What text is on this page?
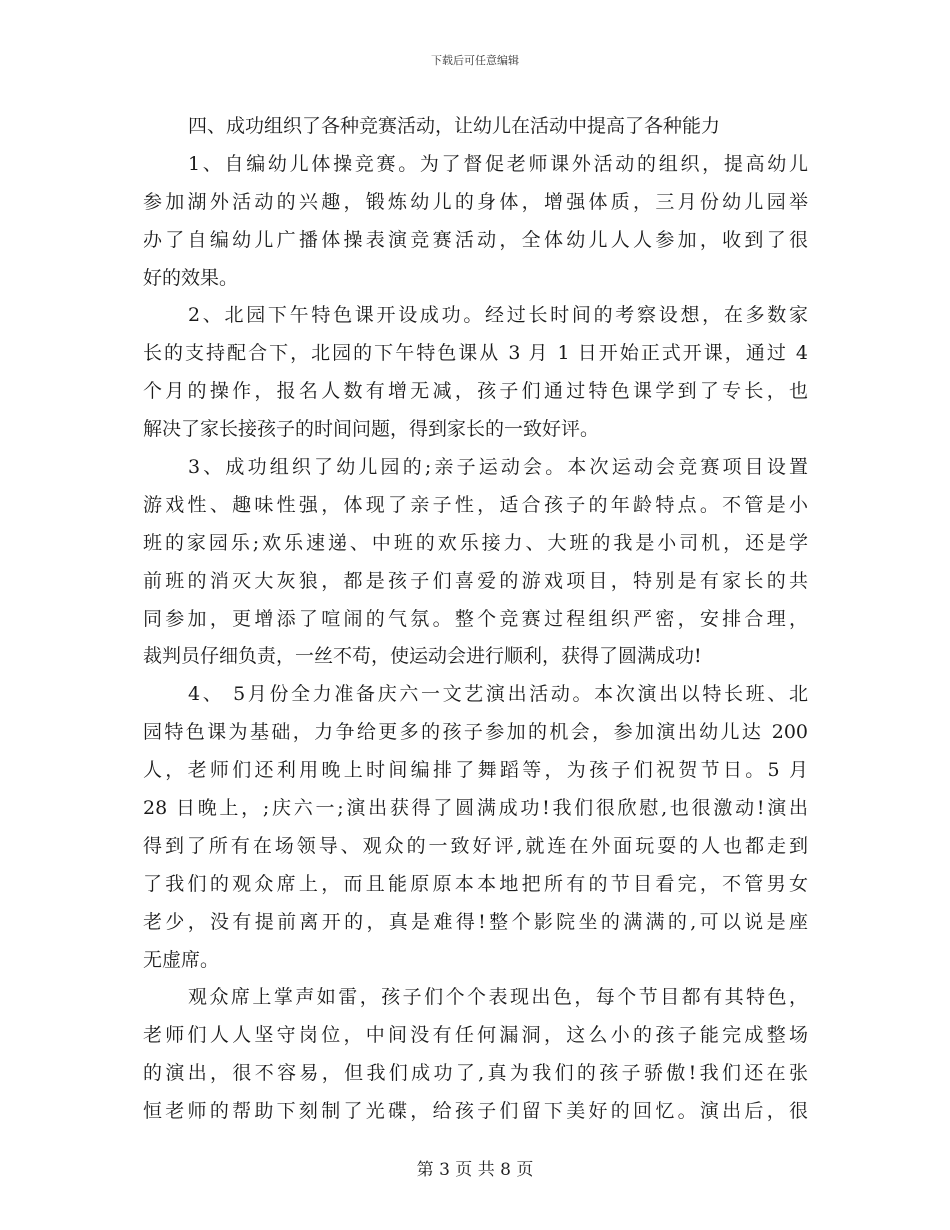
下载后可任意编辑
四、成功组织了各种竞赛活动，让幼儿在活动中提高了各种能力
1、自编幼儿体操竞赛。为了督促老师课外活动的组织，提高幼儿
参加湖外活动的兴趣，锻炼幼儿的身体，增强体质，三月份幼儿园举
办了自编幼儿广播体操表演竞赛活动，全体幼儿人人参加，收到了很
好的效果。
2、北园下午特色课开设成功。经过长时间的考察设想，在多数家
长的支持配合下，北园的下午特色课从 3 月 1 日开始正式开课，通过 4
个月的操作，报名人数有增无减，孩子们通过特色课学到了专长，也
解决了家长接孩子的时间问题，得到家长的一致好评。
3、成功组织了幼儿园的;亲子运动会。本次运动会竞赛项目设置
游戏性、趣味性强，体现了亲子性，适合孩子的年龄特点。不管是小
班的家园乐;欢乐速递、中班的欢乐接力、大班的我是小司机，还是学
前班的消灭大灰狼，都是孩子们喜爱的游戏项目，特别是有家长的共
同参加，更增添了喧闹的气氛。整个竞赛过程组织严密，安排合理，
裁判员仔细负责，一丝不苟，使运动会进行顺利，获得了圆满成功!
4、 5月份全力准备庆六一文艺演出活动。本次演出以特长班、北
园特色课为基础，力争给更多的孩子参加的机会，参加演出幼儿达 200
人，老师们还利用晚上时间编排了舞蹈等，为孩子们祝贺节日。5 月
28 日晚上，;庆六一;演出获得了圆满成功!我们很欣慰,也很激动!演出
得到了所有在场领导、观众的一致好评,就连在外面玩耍的人也都走到
了我们的观众席上，而且能原原本本地把所有的节目看完，不管男女
老少，没有提前离开的，真是难得!整个影院坐的满满的,可以说是座
无虚席。
观众席上掌声如雷，孩子们个个表现出色，每个节目都有其特色，
老师们人人坚守岗位，中间没有任何漏洞，这么小的孩子能完成整场
的演出，很不容易，但我们成功了,真为我们的孩子骄傲!我们还在张
恒老师的帮助下刻制了光碟，给孩子们留下美好的回忆。演出后，很
第 3 页 共 8 页
